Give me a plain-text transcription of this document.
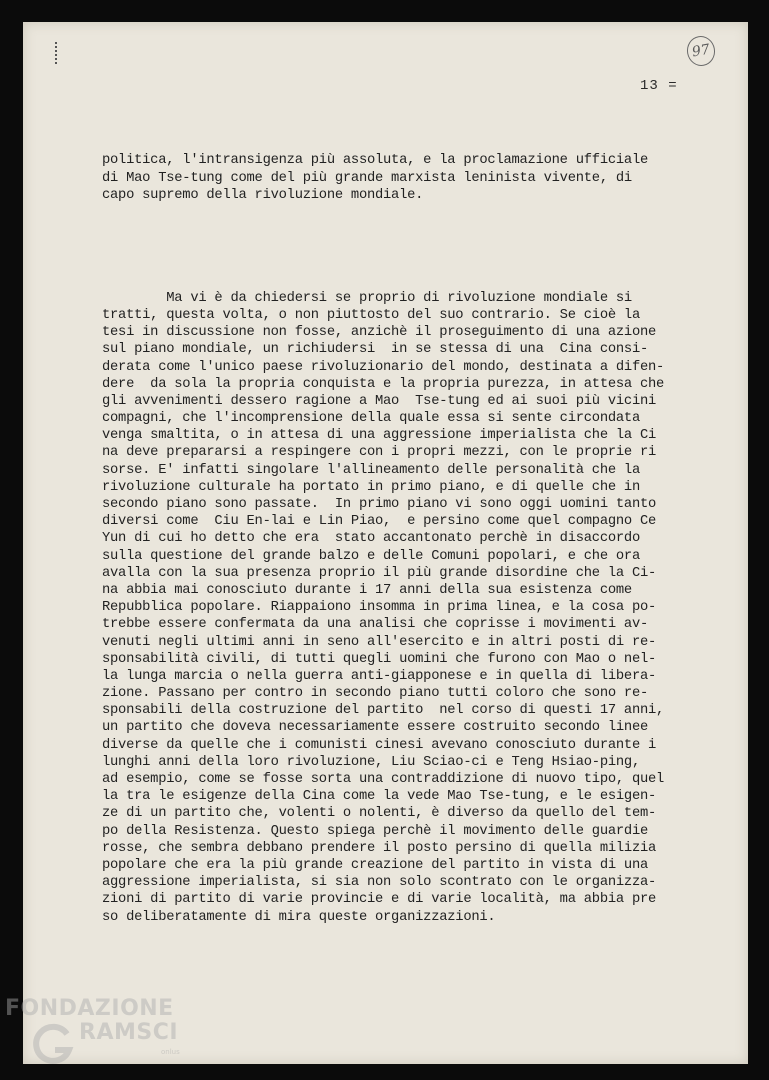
97
13 =

politica, l'intransigenza più assoluta, e la proclamazione ufficiale
di Mao Tse-tung come del più grande marxista leninista vivente, di
capo supremo della rivoluzione mondiale.

Ma vi è da chiedersi se proprio di rivoluzione mondiale si
tratti, questa volta, o non piuttosto del suo contrario. Se cioè la
tesi in discussione non fosse, anzichè il proseguimento di una azione
sul piano mondiale, un richiudersi  in se stessa di una  Cina consi-
derata come l'unico paese rivoluzionario del mondo, destinata a difen-
dere  da sola la propria conquista e la propria purezza, in attesa che
gli avvenimenti dessero ragione a Mao  Tse-tung ed ai suoi più vicini
compagni, che l'incomprensione della quale essa si sente circondata
venga smaltita, o in attesa di una aggressione imperialista che la Ci
na deve prepararsi a respingere con i propri mezzi, con le proprie ri
sorse. E' infatti singolare l'allineamento delle personalità che la
rivoluzione culturale ha portato in primo piano, e di quelle che in
secondo piano sono passate.  In primo piano vi sono oggi uomini tanto
diversi come  Ciu En-lai e Lin Piao,  e persino come quel compagno Ce
Yun di cui ho detto che era  stato accantonato perchè in disaccordo
sulla questione del grande balzo e delle Comuni popolari, e che ora
avalla con la sua presenza proprio il più grande disordine che la Ci-
na abbia mai conosciuto durante i 17 anni della sua esistenza come
Repubblica popolare. Riappaiono insomma in prima linea, e la cosa po-
trebbe essere confermata da una analisi che coprisse i movimenti av-
venuti negli ultimi anni in seno all'esercito e in altri posti di re-
sponsabilità civili, di tutti quegli uomini che furono con Mao o nel-
la lunga marcia o nella guerra anti-giapponese e in quella di libera-
zione. Passano per contro in secondo piano tutti coloro che sono re-
sponsabili della costruzione del partito  nel corso di questi 17 anni,
un partito che doveva necessariamente essere costruito secondo linee
diverse da quelle che i comunisti cinesi avevano conosciuto durante i
lunghi anni della loro rivoluzione, Liu Sciao-ci e Teng Hsiao-ping,
ad esempio, come se fosse sorta una contraddizione di nuovo tipo, quel
la tra le esigenze della Cina come la vede Mao Tse-tung, e le esigen-
ze di un partito che, volenti o nolenti, è diverso da quello del tem-
po della Resistenza. Questo spiega perchè il movimento delle guardie
rosse, che sembra debbano prendere il posto persino di quella milizia
popolare che era la più grande creazione del partito in vista di una
aggressione imperialista, si sia non solo scontrato con le organizza-
zioni di partito di varie provincie e di varie località, ma abbia pre
so deliberatamente di mira queste organizzazioni.

FONDAZIONE
RAMSCI
onlus
